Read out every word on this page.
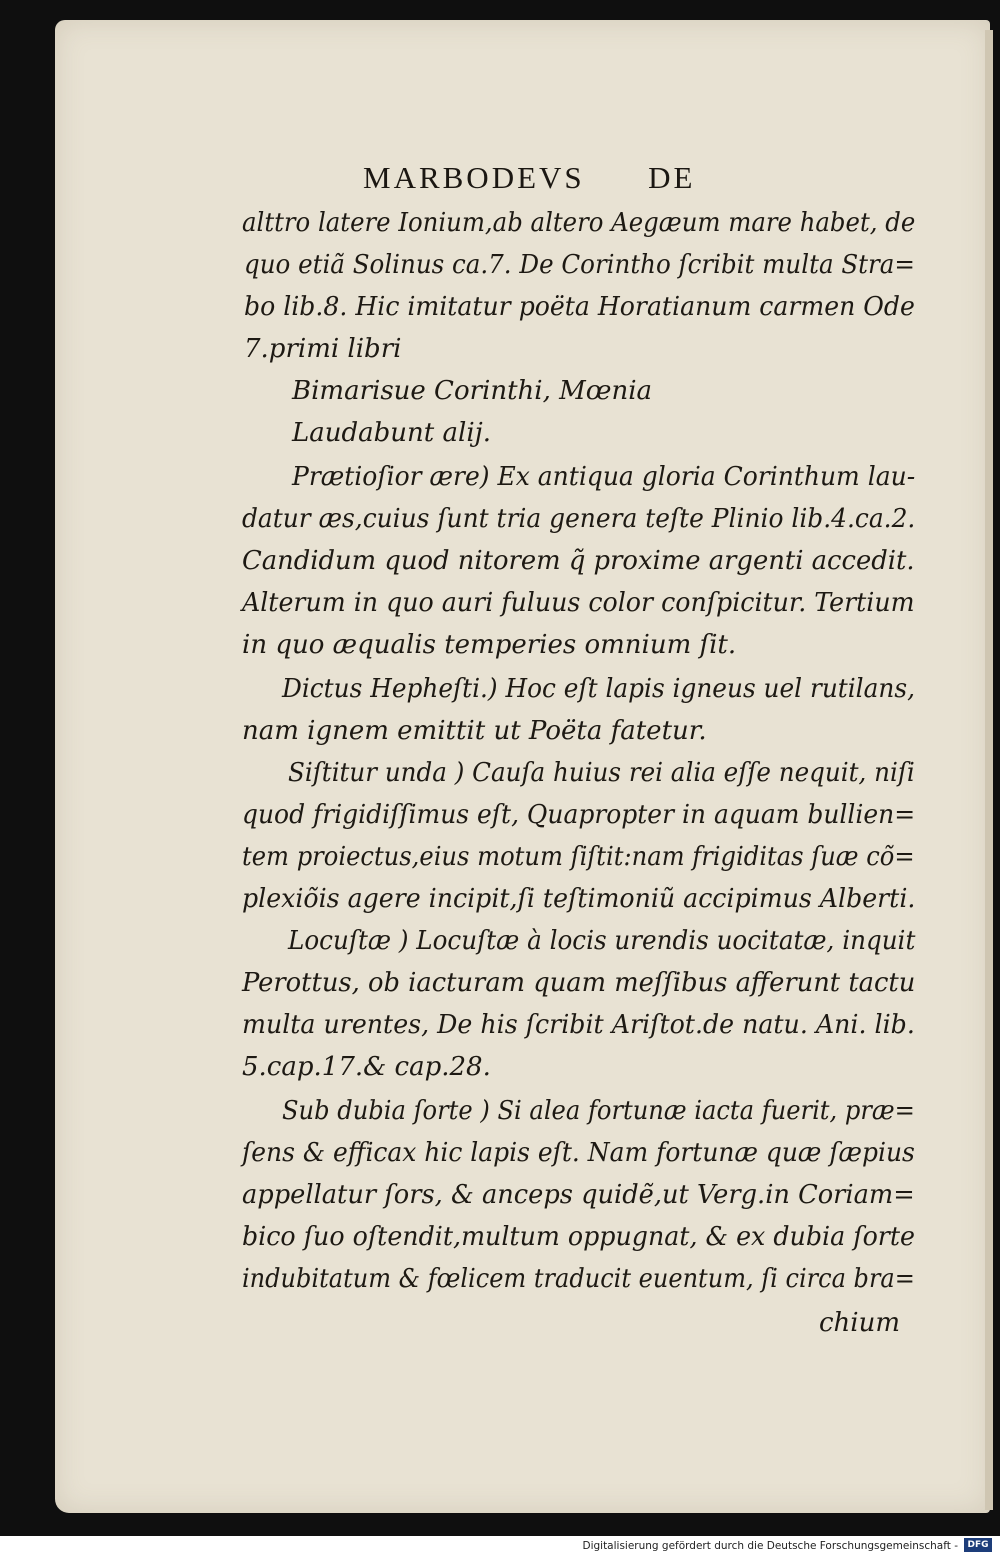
MARBODEVS DE
alttro latere Ionium,ab altero Aegæum mare habet, de
quo etiã Solinus ca.7. De Corintho ſcribit multa Stra=
bo lib.8. Hic imitatur poëta Horatianum carmen Ode
7.primi libri
Bimarisue Corinthi, Mœnia
Laudabunt alij.
Prætioſior ære) Ex antiqua gloria Corinthum lau-
datur æs,cuius ſunt tria genera teſte Plinio lib.4.ca.2.
Candidum quod nitorem q̃ proxime argenti accedit.
Alterum in quo auri fuluus color conſpicitur. Tertium
in quo æqualis temperies omnium ſit.
Dictus Hepheſti.) Hoc eſt lapis igneus uel rutilans,
nam ignem emittit ut Poëta fatetur.
Siſtitur unda ) Cauſa huius rei alia eſſe nequit, niſi
quod frigidiſſimus eſt, Quapropter in aquam bullien=
tem proiectus,eius motum ſiſtit:nam frigiditas ſuæ cõ=
plexiõis agere incipit,ſi teſtimoniũ accipimus Alberti.
Locuſtæ ) Locuſtæ à locis urendis uocitatæ, inquit
Perottus, ob iacturam quam meſſibus afferunt tactu
multa urentes, De his ſcribit Ariſtot.de natu. Ani. lib.
5.cap.17.& cap.28.
Sub dubia ſorte ) Si alea fortunæ iacta fuerit, præ=
ſens & efficax hic lapis eſt. Nam fortunæ quæ ſæpius
appellatur ſors, & anceps quidẽ,ut Verg.in Coriam=
bico ſuo oſtendit,multum oppugnat, & ex dubia ſorte
indubitatum & fœlicem traducit euentum, ſi circa bra=
chium
Digitalisierung gefördert durch die Deutsche Forschungsgemeinschaft -	DFG
